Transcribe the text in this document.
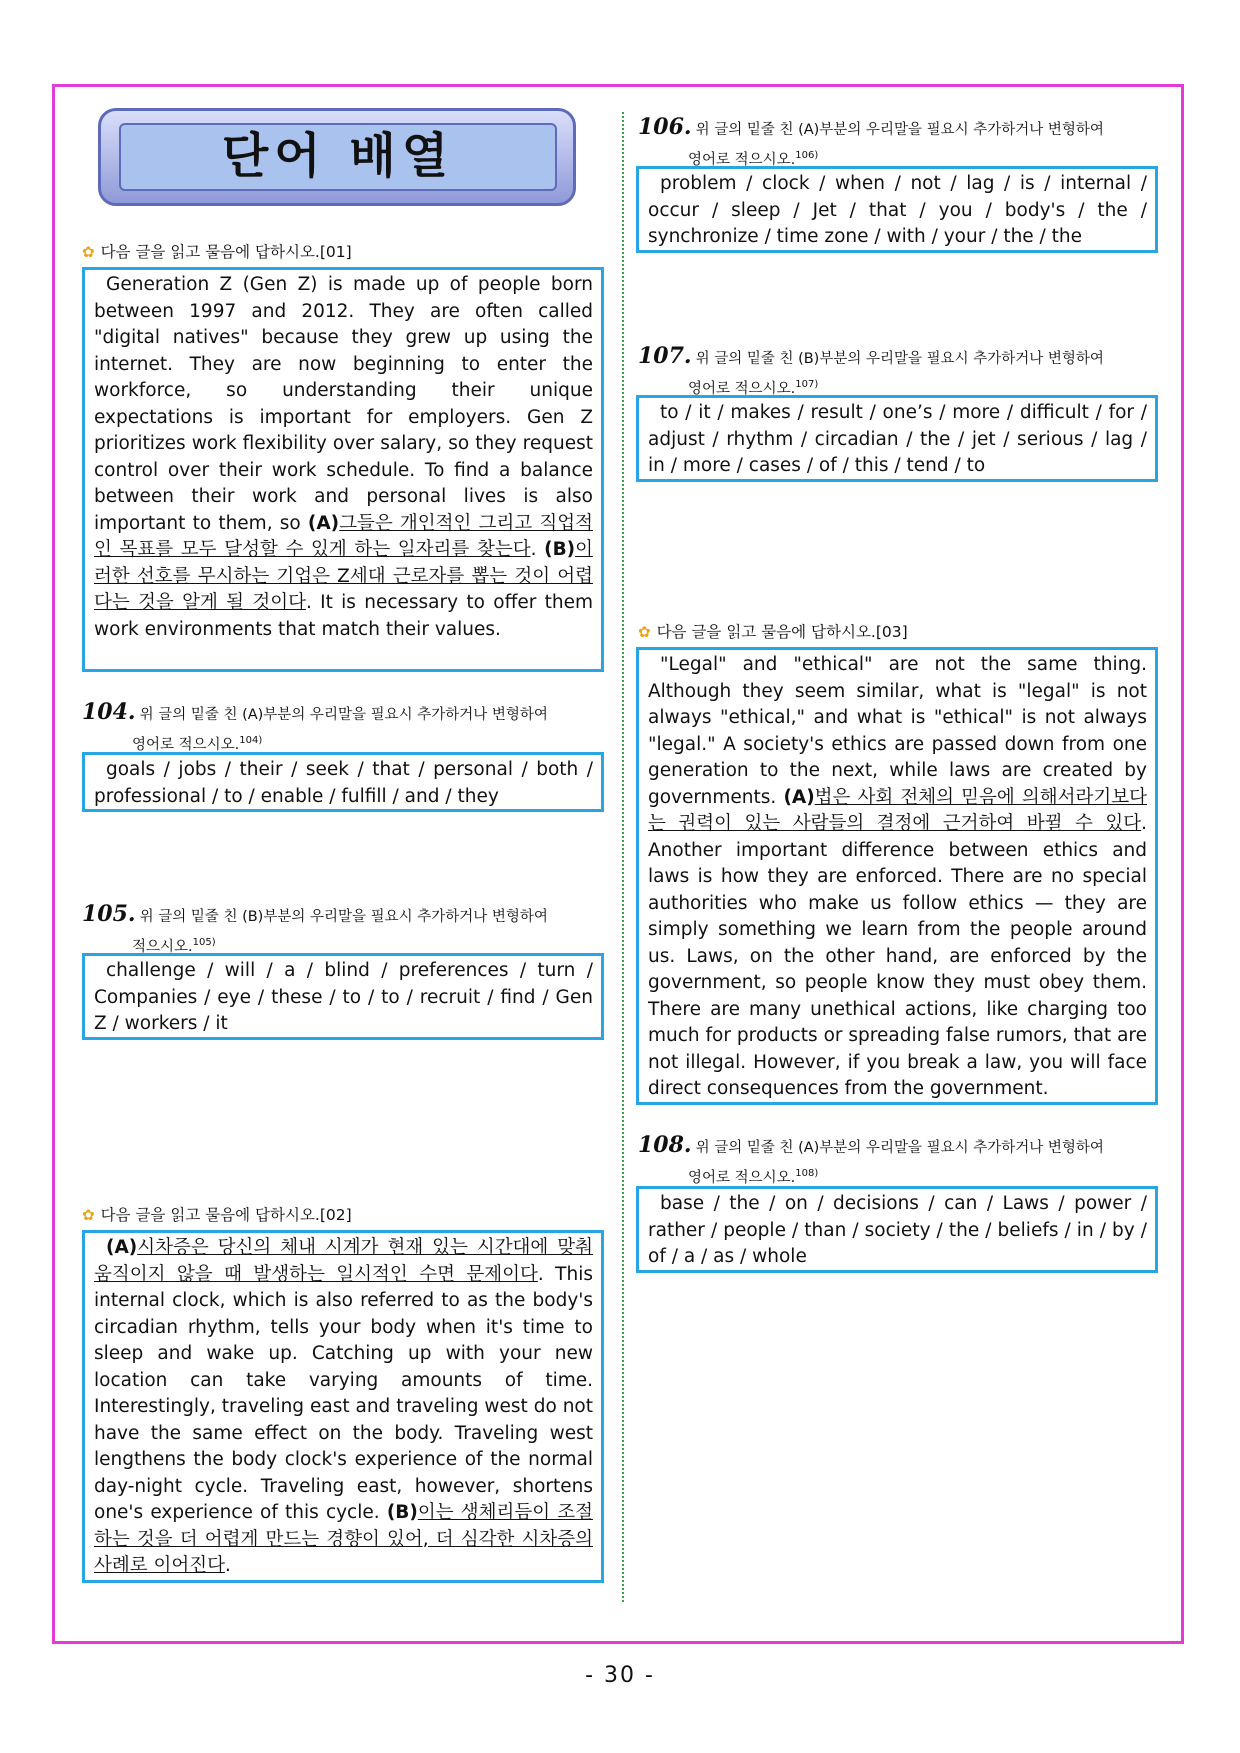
단어 배열
✿ 다음 글을 읽고 물음에 답하시오.[01]

Generation Z (Gen Z) is made up of people born between 1997 and 2012. They are often called "digital natives" because they grew up using the internet. They are now beginning to enter the workforce, so understanding their unique expectations is important for employers. Gen Z prioritizes work flexibility over salary, so they request control over their work schedule. To find a balance between their work and personal lives is also important to them, so (A)그들은 개인적인 그리고 직업적인 목표를 모두 달성할 수 있게 하는 일자리를 찾는다. (B)이러한 선호를 무시하는 기업은 Z세대 근로자를 뽑는 것이 어렵다는 것을 알게 될 것이다. It is necessary to offer them work environments that match their values.

104. 위 글의 밑줄 친 (A)부분의 우리말을 필요시 추가하거나 변형하여
영어로 적으시오.$^{104)}$

goals / jobs / their / seek / that / personal / both / professional / to / enable / fulfill / and / they

105. 위 글의 밑줄 친 (B)부분의 우리말을 필요시 추가하거나 변형하여
적으시오.$^{105)}$

challenge / will / a / blind / preferences / turn / Companies / eye / these / to / to / recruit / find / Gen Z / workers / it

✿ 다음 글을 읽고 물음에 답하시오.[02]

(A)시차증은 당신의 체내 시계가 현재 있는 시간대에 맞춰 움직이지 않을 때 발생하는 일시적인 수면 문제이다. This internal clock, which is also referred to as the body's circadian rhythm, tells your body when it's time to sleep and wake up. Catching up with your new location can take varying amounts of time. Interestingly, traveling east and traveling west do not have the same effect on the body. Traveling west lengthens the body clock's experience of the normal day-night cycle. Traveling east, however, shortens one's experience of this cycle. (B)이는 생체리듬이 조절하는 것을 더 어렵게 만드는 경향이 있어, 더 심각한 시차증의 사례로 이어진다.

106. 위 글의 밑줄 친 (A)부분의 우리말을 필요시 추가하거나 변형하여
영어로 적으시오.$^{106)}$

problem / clock / when / not / lag / is / internal / occur / sleep / Jet / that / you / body's / the / synchronize / time zone / with / your / the / the

107. 위 글의 밑줄 친 (B)부분의 우리말을 필요시 추가하거나 변형하여
영어로 적으시오.$^{107)}$

to / it / makes / result / one’s / more / difficult / for / adjust / rhythm / circadian / the / jet / serious / lag / in / more / cases / of / this / tend / to

✿ 다음 글을 읽고 물음에 답하시오.[03]

"Legal" and "ethical" are not the same thing. Although they seem similar, what is "legal" is not always "ethical," and what is "ethical" is not always "legal." A society's ethics are passed down from one generation to the next, while laws are created by governments. (A)법은 사회 전체의 믿음에 의해서라기보다는 권력이 있는 사람들의 결정에 근거하여 바뀔 수 있다. Another important difference between ethics and laws is how they are enforced. There are no special authorities who make us follow ethics — they are simply something we learn from the people around us. Laws, on the other hand, are enforced by the government, so people know they must obey them. There are many unethical actions, like charging too much for products or spreading false rumors, that are not illegal. However, if you break a law, you will face direct consequences from the government.

108. 위 글의 밑줄 친 (A)부분의 우리말을 필요시 추가하거나 변형하여
영어로 적으시오.$^{108)}$

base / the / on / decisions / can / Laws / power / rather / people / than / society / the / beliefs / in / by / of / a / as / whole

- 30 -
